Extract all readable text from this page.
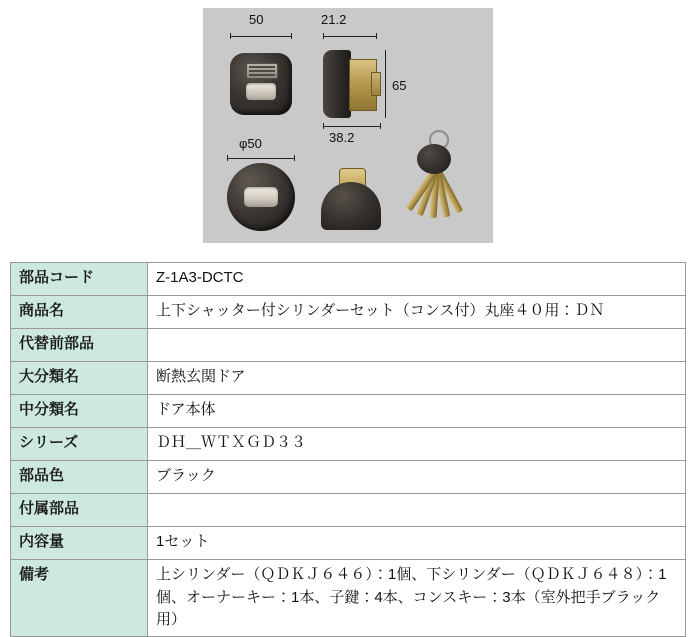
50	21.2
65
38.2
φ50
部品コード	Z-1A3-DCTC
商品名	上下シャッター付シリンダーセット（コンス付）丸座４０用：ＤＮ
代替前部品	
大分類名	断熱玄関ドア
中分類名	ドア本体
シリーズ	ＤＨ＿ＷＴＸＧＤ３３
部品色	ブラック
付属部品	
内容量	1セット
備考	上シリンダー（ＱＤＫＪ６４６）：1個、下シリンダー（ＱＤＫＪ６４８）：1個、オーナーキー：1本、子鍵：4本、コンスキー：3本（室外把手ブラック用）
